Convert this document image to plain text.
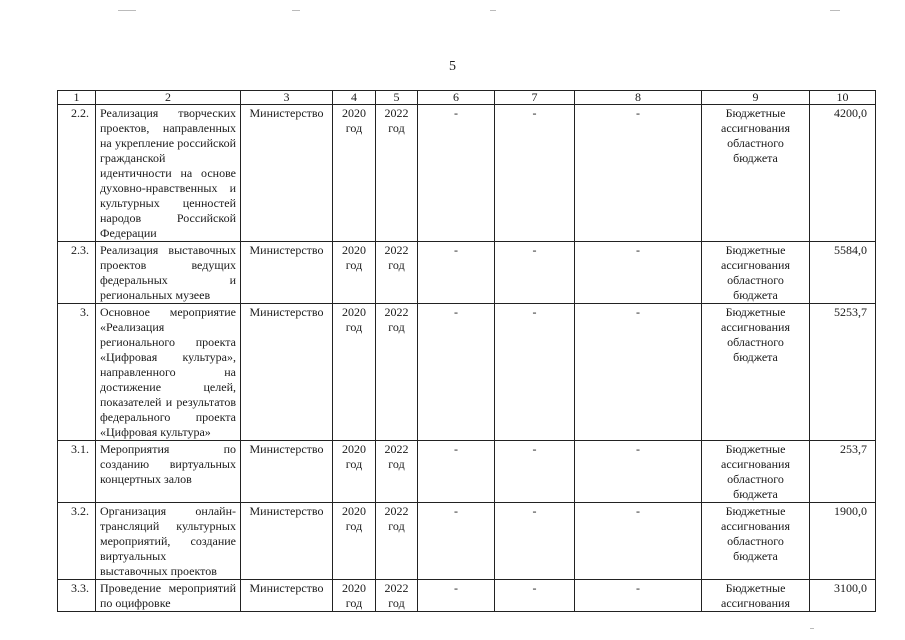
5
1	2	3	4	5	6	7	8	9	10
2.2.	Реализация творческих проектов, направленных на укрепление российской гражданской идентичности на основе духовно-нравственных и культурных ценностей народов Российской Федерации	Министерство	2020 год	2022 год	-	-	-	Бюджетные ассигнования областного бюджета	4200,0
2.3.	Реализация выставочных проектов ведущих федеральных и региональных музеев	Министерство	2020 год	2022 год	-	-	-	Бюджетные ассигнования областного бюджета	5584,0
3.	Основное мероприятие «Реализация регионального проекта «Цифровая культура», направленного на достижение целей, показателей и результатов федерального проекта «Цифровая культура»	Министерство	2020 год	2022 год	-	-	-	Бюджетные ассигнования областного бюджета	5253,7
3.1.	Мероприятия по созданию виртуальных концертных залов	Министерство	2020 год	2022 год	-	-	-	Бюджетные ассигнования областного бюджета	253,7
3.2.	Организация онлайн-трансляций культурных мероприятий, создание виртуальных выставочных проектов	Министерство	2020 год	2022 год	-	-	-	Бюджетные ассигнования областного бюджета	1900,0
3.3.	Проведение мероприятий по оцифровке	Министерство	2020 год	2022 год	-	-	-	Бюджетные ассигнования	3100,0
